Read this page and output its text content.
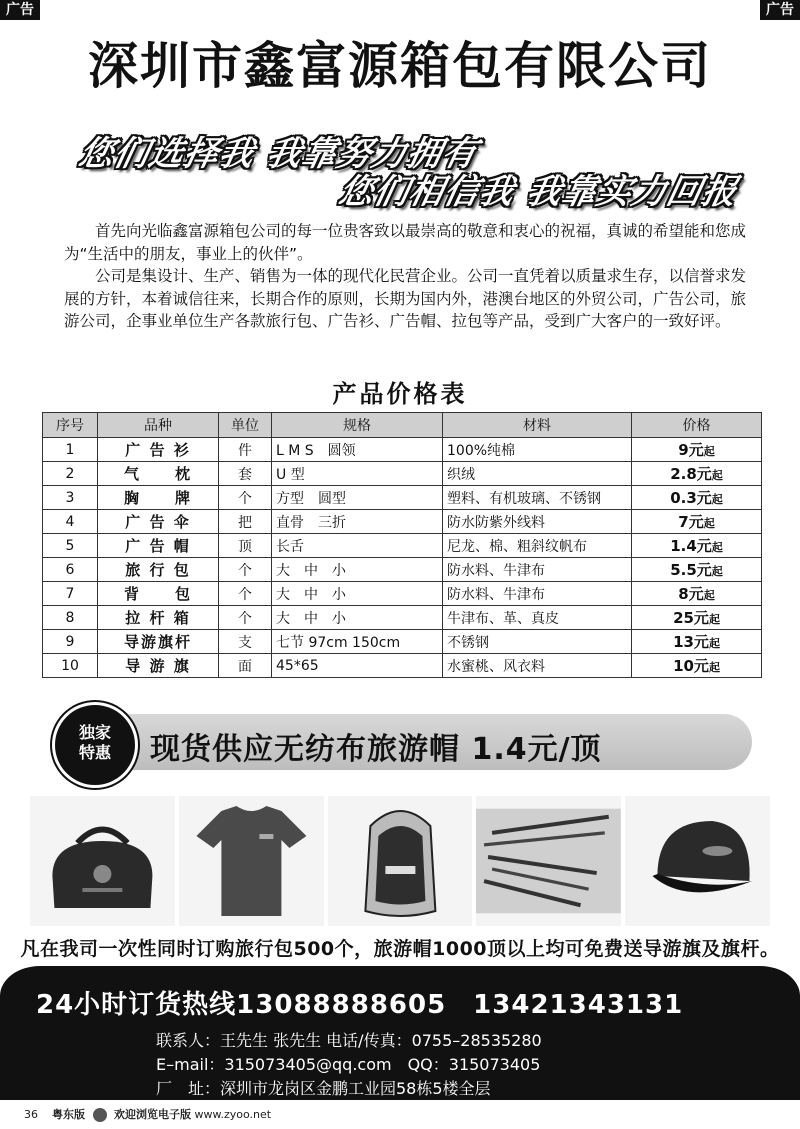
广告	广告
深圳市鑫富源箱包有限公司
您们选择我 我靠努力拥有
您们相信我 我靠实力回报

首先向光临鑫富源箱包公司的每一位贵客致以最崇高的敬意和衷心的祝福，真诚的希望能和您成为“生活中的朋友，事业上的伙伴”。

公司是集设计、生产、销售为一体的现代化民营企业。公司一直凭着以质量求生存，以信誉求发展的方针，本着诚信往来，长期合作的原则，长期为国内外，港澳台地区的外贸公司，广告公司，旅游公司，企事业单位生产各款旅行包、广告衫、广告帽、拉包等产品，受到广大客户的一致好评。

产品价格表
序号	品种	单位	规格	材料	价格
1	广 告 衫	件	L M S　圆领	100%纯棉	9元起
2	气　　枕	套	U 型	织绒	2.8元起
3	胸　　牌	个	方型　圆型	塑料、有机玻璃、不锈钢	0.3元起
4	广 告 伞	把	直骨　三折	防水防紫外线料	7元起
5	广 告 帽	顶	长舌	尼龙、棉、粗斜纹帆布	1.4元起
6	旅 行 包	个	大　中　小	防水料、牛津布	5.5元起
7	背　　包	个	大　中　小	防水料、牛津布	8元起
8	拉 杆 箱	个	大　中　小	牛津布、革、真皮	25元起
9	导游旗杆	支	七节 97cm 150cm	不锈钢	13元起
10	导 游 旗	面	45*65	水蜜桃、风衣料	10元起
独家
特惠	现货供应无纺布旅游帽 1.4元/顶
凡在我司一次性同时订购旅行包500个，旅游帽1000顶以上均可免费送导游旗及旗杆。
24小时订货热线13088888605　13421343131
联系人：王先生 张先生 电话/传真：0755–28535280
E–mail：315073405@qq.com　QQ：315073405
厂　址：深圳市龙岗区金鹏工业园58栋5楼全层
36 粤东版	欢迎浏览电子版 www.zyoo.net
